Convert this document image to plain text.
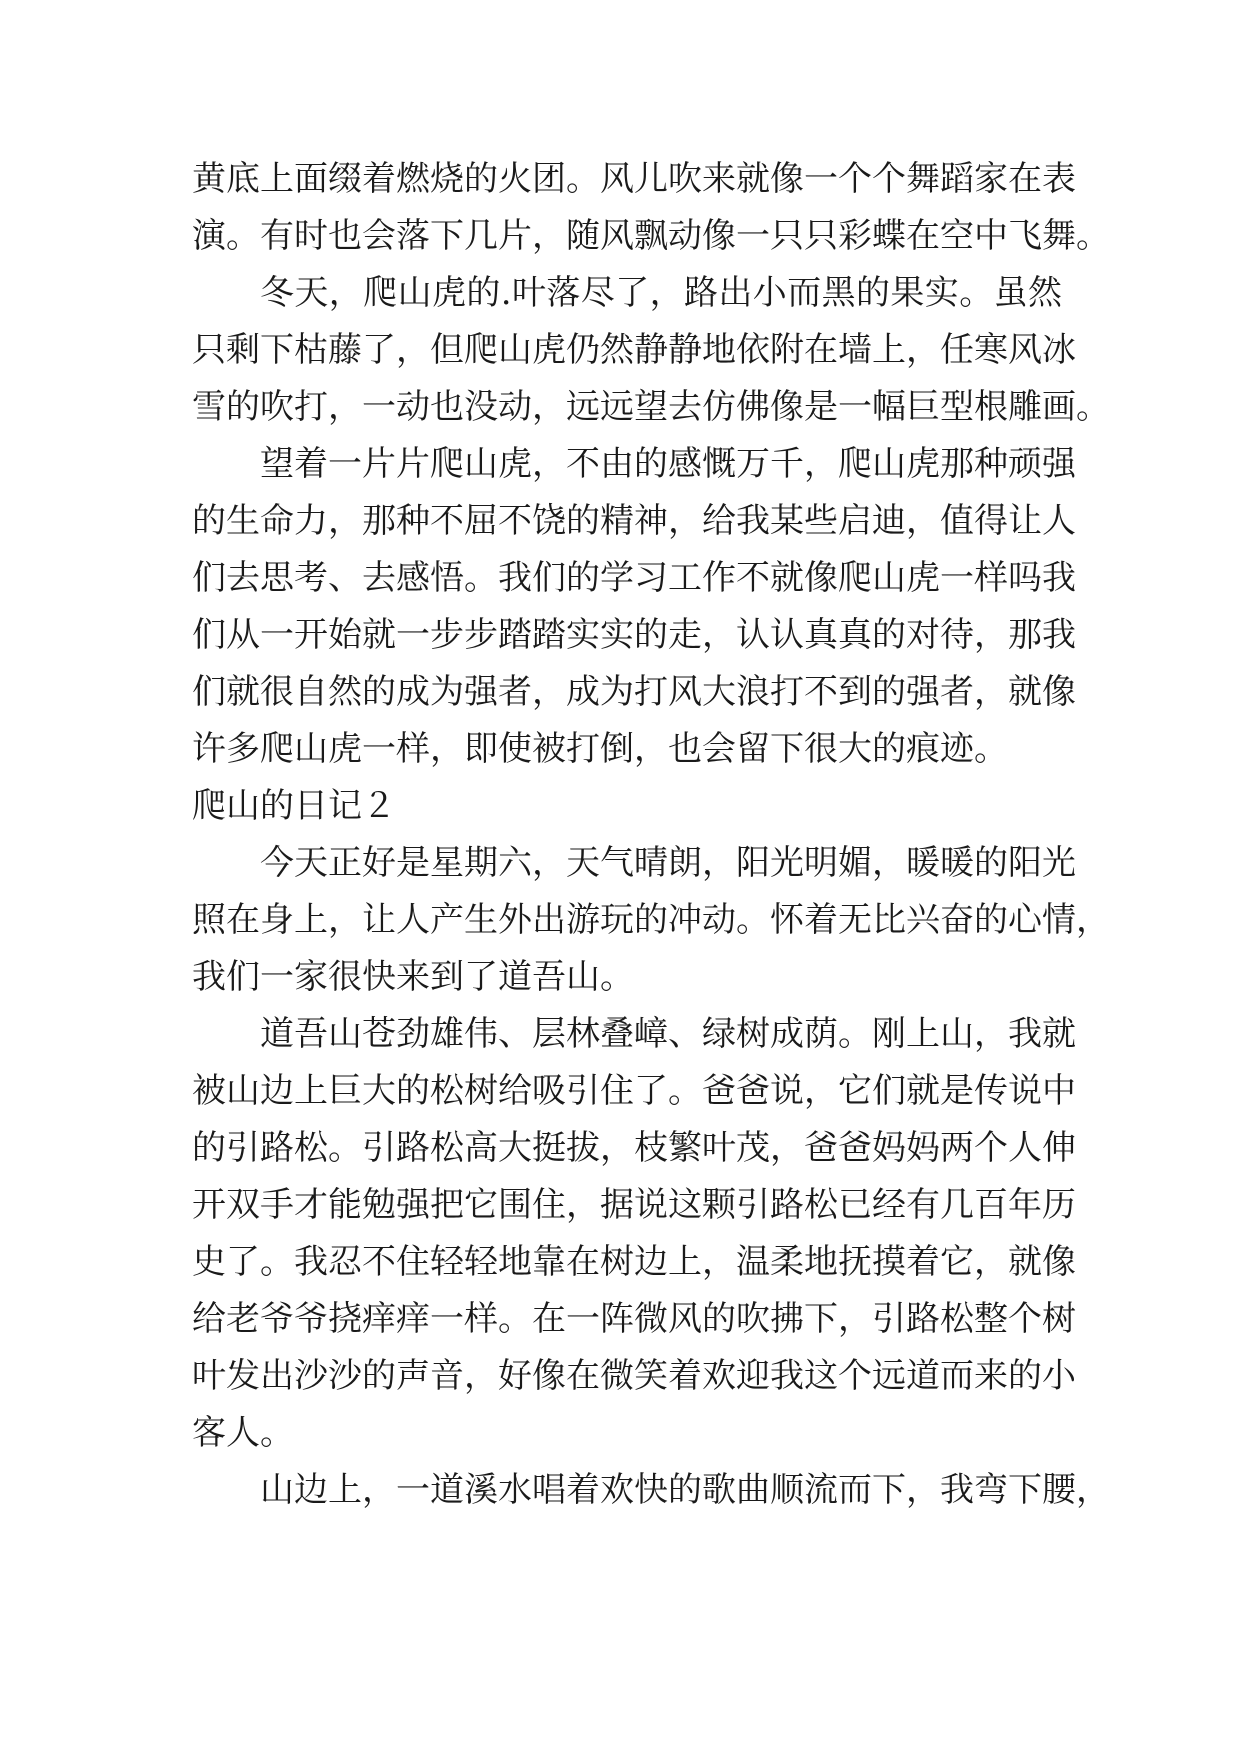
黄底上面缀着燃烧的火团。风儿吹来就像一个个舞蹈家在表
演。有时也会落下几片，随风飘动像一只只彩蝶在空中飞舞。
冬天，爬山虎的.叶落尽了，路出小而黑的果实。虽然
只剩下枯藤了，但爬山虎仍然静静地依附在墙上，任寒风冰
雪的吹打，一动也没动，远远望去仿佛像是一幅巨型根雕画。
望着一片片爬山虎，不由的感慨万千，爬山虎那种顽强
的生命力，那种不屈不饶的精神，给我某些启迪，值得让人
们去思考、去感悟。我们的学习工作不就像爬山虎一样吗我
们从一开始就一步步踏踏实实的走，认认真真的对待，那我
们就很自然的成为强者，成为打风大浪打不到的强者，就像
许多爬山虎一样，即使被打倒，也会留下很大的痕迹。
爬山的日记２
今天正好是星期六，天气晴朗，阳光明媚，暖暖的阳光
照在身上，让人产生外出游玩的冲动。怀着无比兴奋的心情，
我们一家很快来到了道吾山。
道吾山苍劲雄伟、层林叠嶂、绿树成荫。刚上山，我就
被山边上巨大的松树给吸引住了。爸爸说，它们就是传说中
的引路松。引路松高大挺拔，枝繁叶茂，爸爸妈妈两个人伸
开双手才能勉强把它围住，据说这颗引路松已经有几百年历
史了。我忍不住轻轻地靠在树边上，温柔地抚摸着它，就像
给老爷爷挠痒痒一样。在一阵微风的吹拂下，引路松整个树
叶发出沙沙的声音，好像在微笑着欢迎我这个远道而来的小
客人。
山边上，一道溪水唱着欢快的歌曲顺流而下，我弯下腰，
